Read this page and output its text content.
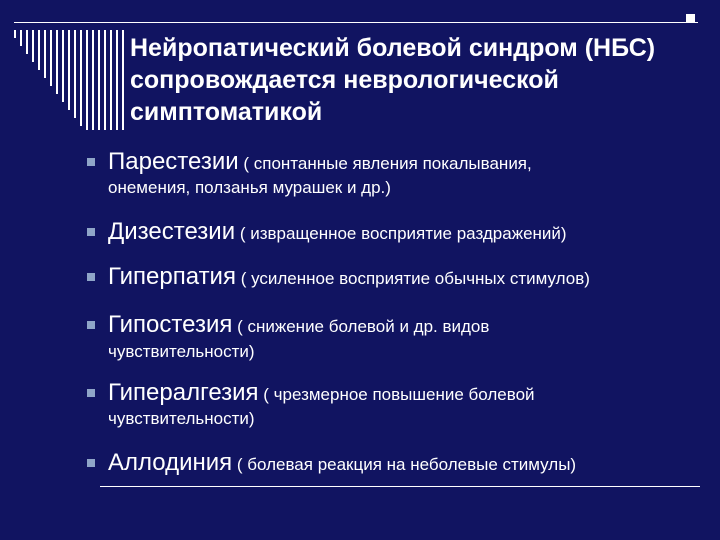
Нейропатический болевой синдром (НБС)
сопровождается неврологической
симптоматикой
Парестезии ( спонтанные явления покалывания,
онемения, ползанья мурашек и др.)
Дизестезии ( извращенное восприятие раздражений)
Гиперпатия ( усиленное восприятие обычных стимулов)
Гипостезия ( снижение болевой и др. видов
чувствительности)
Гипералгезия ( чрезмерное повышение болевой
чувствительности)
Аллодиния ( болевая реакция на неболевые стимулы)
